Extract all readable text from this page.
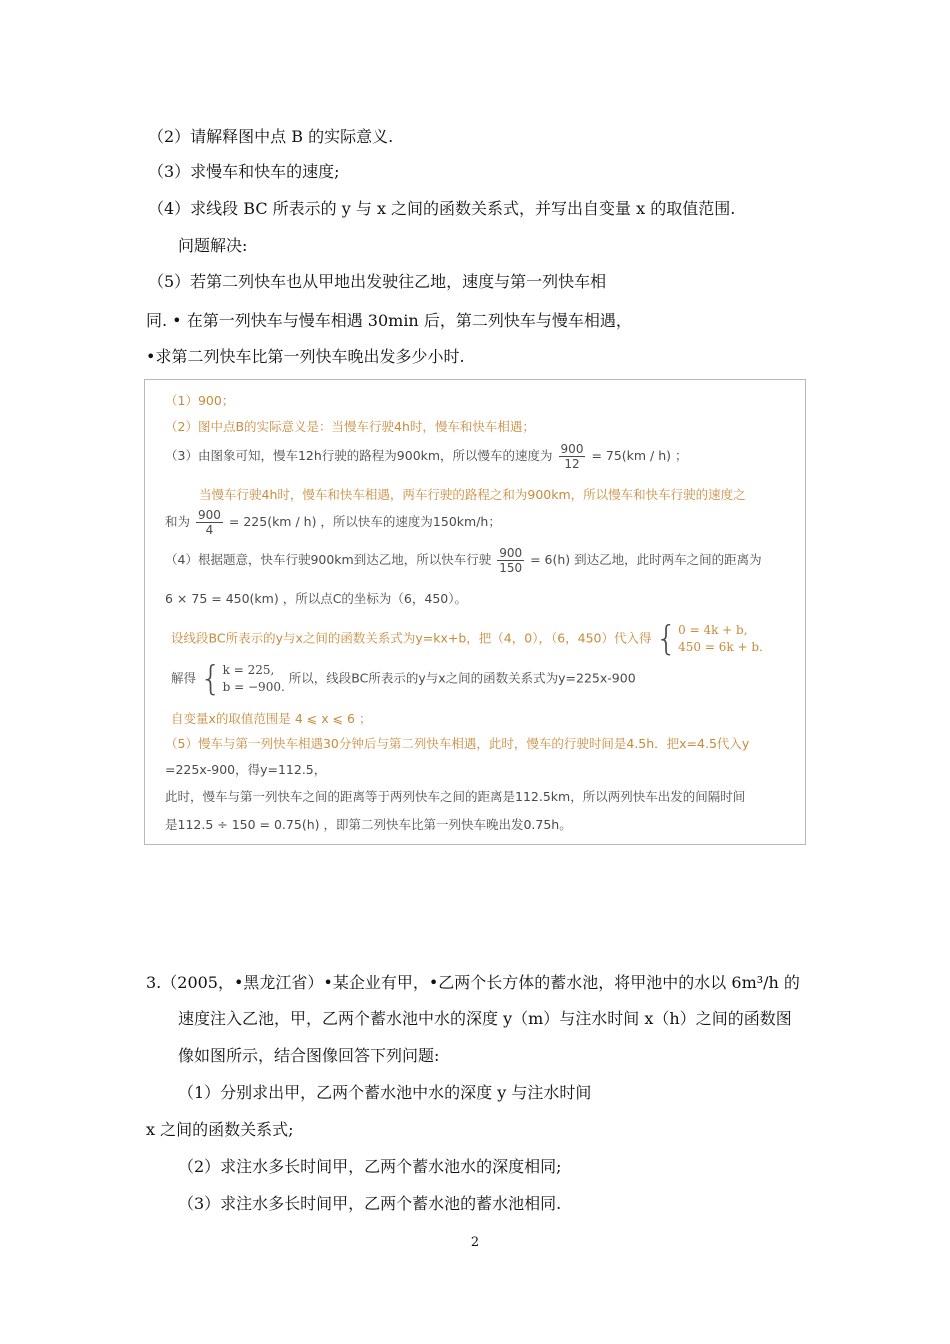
（2）请解释图中点 B 的实际意义.
（3）求慢车和快车的速度;
（4）求线段 BC 所表示的 y 与 x 之间的函数关系式，并写出自变量 x 的取值范围.
问题解决:
（5）若第二列快车也从甲地出发驶往乙地，速度与第一列快车相
同. • 在第一列快车与慢车相遇 30min 后，第二列快车与慢车相遇，
•求第二列快车比第一列快车晚出发多少小时.
（1）900；
（2）图中点B的实际意义是：当慢车行驶4h时，慢车和快车相遇；
（3）由图象可知，慢车12h行驶的路程为900km，所以慢车的速度为 $\frac{900}{12} = 75(km / h)$ ；
当慢车行驶4h时，慢车和快车相遇，两车行驶的路程之和为900km，所以慢车和快车行驶的速度之
和为 $\frac{900}{4} = 225(km / h)$ ，所以快车的速度为150km/h；
（4）根据题意，快车行驶900km到达乙地，所以快车行驶 $\frac{900}{150} = 6(h)$ 到达乙地，此时两车之间的距离为
6 × 75 = 450(km) ，所以点C的坐标为（6，450）。
设线段BC所表示的y与x之间的函数关系式为y=kx+b，把（4，0），（6，450）代入得 { 0 = 4k + b,
450 = 6k + b.
解得 { k = 225,
b = −900.
所以，线段BC所表示的y与x之间的函数关系式为y=225x-900
自变量x的取值范围是 4 ⩽ x ⩽ 6 ；
（5）慢车与第一列快车相遇30分钟后与第二列快车相遇，此时，慢车的行驶时间是4.5h．把x=4.5代入y
=225x-900，得y=112.5，
此时，慢车与第一列快车之间的距离等于两列快车之间的距离是112.5km，所以两列快车出发的间隔时间
是112.5 ÷ 150 = 0.75(h) ，即第二列快车比第一列快车晚出发0.75h。
3.（2005，•黑龙江省）•某企业有甲，•乙两个长方体的蓄水池，将甲池中的水以 6m³/h 的
速度注入乙池，甲，乙两个蓄水池中水的深度 y（m）与注水时间 x（h）之间的函数图
像如图所示，结合图像回答下列问题:
（1）分别求出甲，乙两个蓄水池中水的深度 y 与注水时间
x 之间的函数关系式;
（2）求注水多长时间甲，乙两个蓄水池水的深度相同;
（3）求注水多长时间甲，乙两个蓄水池的蓄水池相同.
2
